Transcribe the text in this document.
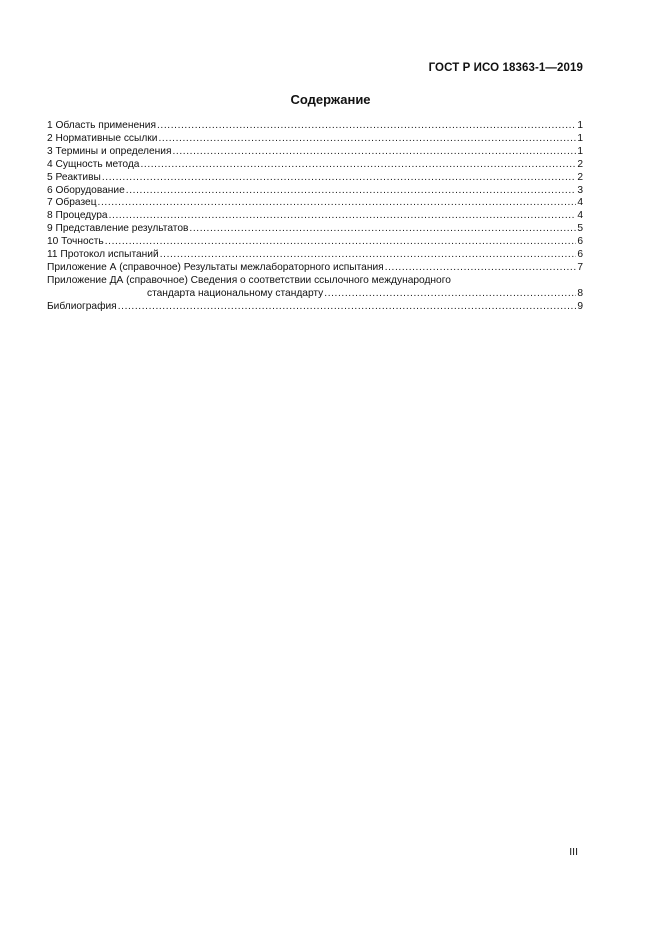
ГОСТ Р ИСО 18363-1—2019
Содержание
1 Область применения .....	1
2 Нормативные ссылки .....	1
3 Термины и определения .....	1
4 Сущность метода .....	2
5 Реактивы .....	2
6 Оборудование .....	3
7 Образец .....	4
8 Процедура .....	4
9 Представление результатов .....	5
10 Точность .....	6
11 Протокол испытаний .....	6
Приложение А (справочное) Результаты межлабораторного испытания .....	7
Приложение ДА (справочное) Сведения о соответствии ссылочного международного
стандарта национальному стандарту .....	8
Библиография .....	9
III
